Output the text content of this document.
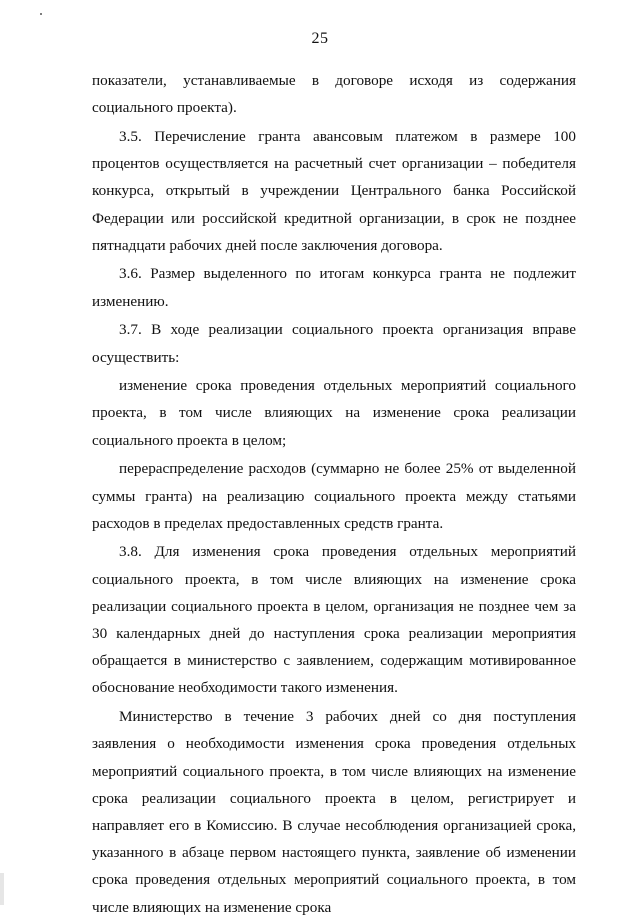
25

показатели, устанавливаемые в договоре исходя из содержания социального проекта).

3.5. Перечисление гранта авансовым платежом в размере 100 процентов осуществляется на расчетный счет организации – победителя конкурса, открытый в учреждении Центрального банка Российской Федерации или российской кредитной организации, в срок не позднее пятнадцати рабочих дней после заключения договора.

3.6. Размер выделенного по итогам конкурса гранта не подлежит изменению.

3.7. В ходе реализации социального проекта организация вправе осуществить:

изменение срока проведения отдельных мероприятий социального проекта, в том числе влияющих на изменение срока реализации социального проекта в целом;

перераспределение расходов (суммарно не более 25% от выделенной суммы гранта) на реализацию социального проекта между статьями расходов в пределах предоставленных средств гранта.

3.8. Для изменения срока проведения отдельных мероприятий социального проекта, в том числе влияющих на изменение срока реализации социального проекта в целом, организация не позднее чем за 30 календарных дней до наступления срока реализации мероприятия обращается в министерство с заявлением, содержащим мотивированное обоснование необходимости такого изменения.

Министерство в течение 3 рабочих дней со дня поступления заявления о необходимости изменения срока проведения отдельных мероприятий социального проекта, в том числе влияющих на изменение срока реализации социального проекта в целом, регистрирует и направляет его в Комиссию. В случае несоблюдения организацией срока, указанного в абзаце первом настоящего пункта, заявление об изменении срока проведения отдельных мероприятий социального проекта, в том числе влияющих на изменение срока
